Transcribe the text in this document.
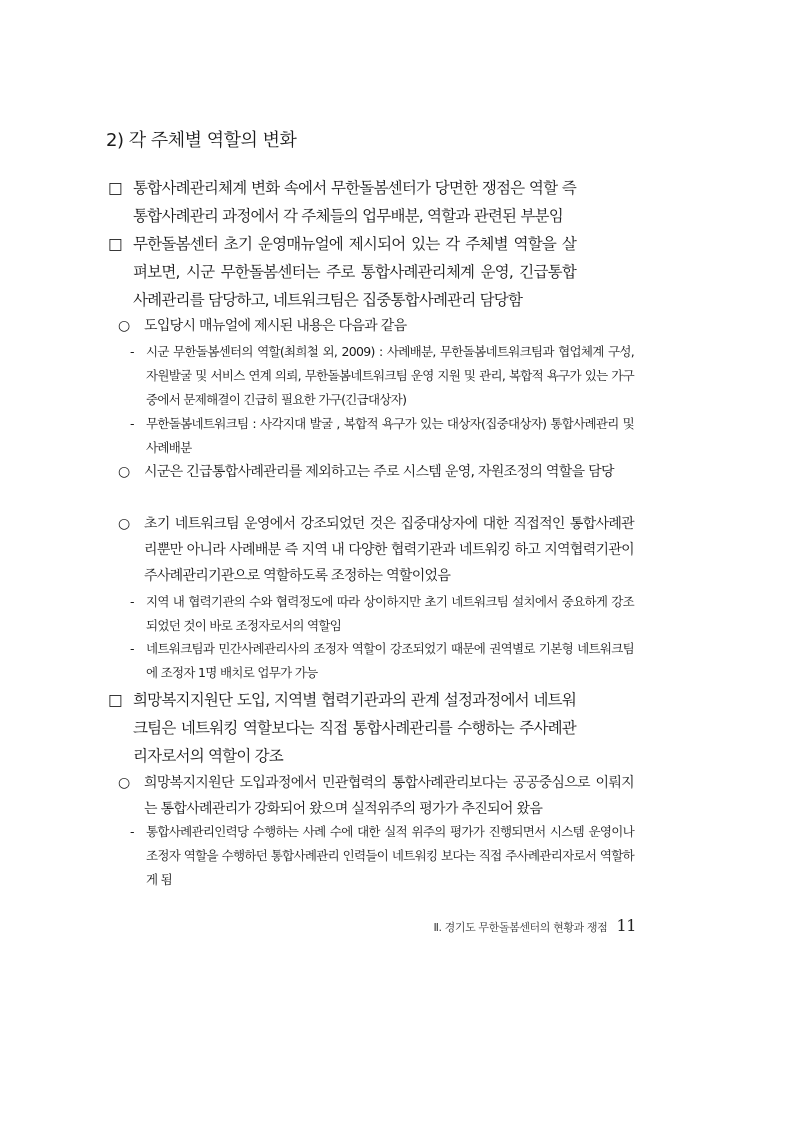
2) 각 주체별 역할의 변화
□ 통합사례관리체계 변화 속에서 무한돌봄센터가 당면한 쟁점은 역할 즉 통합사례관리 과정에서 각 주체들의 업무배분, 역할과 관련된 부분임
□ 무한돌봄센터 초기 운영매뉴얼에 제시되어 있는 각 주체별 역할을 살펴보면, 시군 무한돌봄센터는 주로 통합사례관리체계 운영, 긴급통합사례관리를 담당하고, 네트워크팀은 집중통합사례관리 담당함
○	도입당시 매뉴얼에 제시된 내용은 다음과 같음
- 시군 무한돌봄센터의 역할(최희철 외, 2009) : 사례배분, 무한돌봄네트워크팀과 협업체계 구성, 자원발굴 및 서비스 연계 의뢰, 무한돌봄네트워크팀 운영 지원 및 관리, 복합적 욕구가 있는 가구 중에서 문제해결이 긴급히 필요한 가구(긴급대상자)
- 무한돌봄네트워크팀 : 사각지대 발굴 , 복합적 욕구가 있는 대상자(집중대상자) 통합사례관리 및 사례배분
○	시군은 긴급통합사례관리를 제외하고는 주로 시스템 운영, 자원조정의 역할을 담당
○	초기 네트워크팀 운영에서 강조되었던 것은 집중대상자에 대한 직접적인 통합사례관리뿐만 아니라 사례배분 즉 지역 내 다양한 협력기관과 네트워킹 하고 지역협력기관이 주사례관리기관으로 역할하도록 조정하는 역할이었음
- 지역 내 협력기관의 수와 협력정도에 따라 상이하지만 초기 네트워크팀 설치에서 중요하게 강조되었던 것이 바로 조정자로서의 역할임
- 네트워크팀과 민간사례관리사의 조정자 역할이 강조되었기 때문에 권역별로 기본형 네트워크팀에 조정자 1명 배치로 업무가 가능
□ 희망복지지원단 도입, 지역별 협력기관과의 관계 설정과정에서 네트워크팀은 네트워킹 역할보다는 직접 통합사례관리를 수행하는 주사례관리자로서의 역할이 강조
○	희망복지지원단 도입과정에서 민관협력의 통합사례관리보다는 공공중심으로 이뤄지는 통합사례관리가 강화되어 왔으며 실적위주의 평가가 추진되어 왔음
- 통합사례관리인력당 수행하는 사례 수에 대한 실적 위주의 평가가 진행되면서 시스템 운영이나 조정자 역할을 수행하던 통합사례관리 인력들이 네트워킹 보다는 직접 주사례관리자로서 역할하게 됨
Ⅱ. 경기도 무한돌봄센터의 현황과 쟁점 11
